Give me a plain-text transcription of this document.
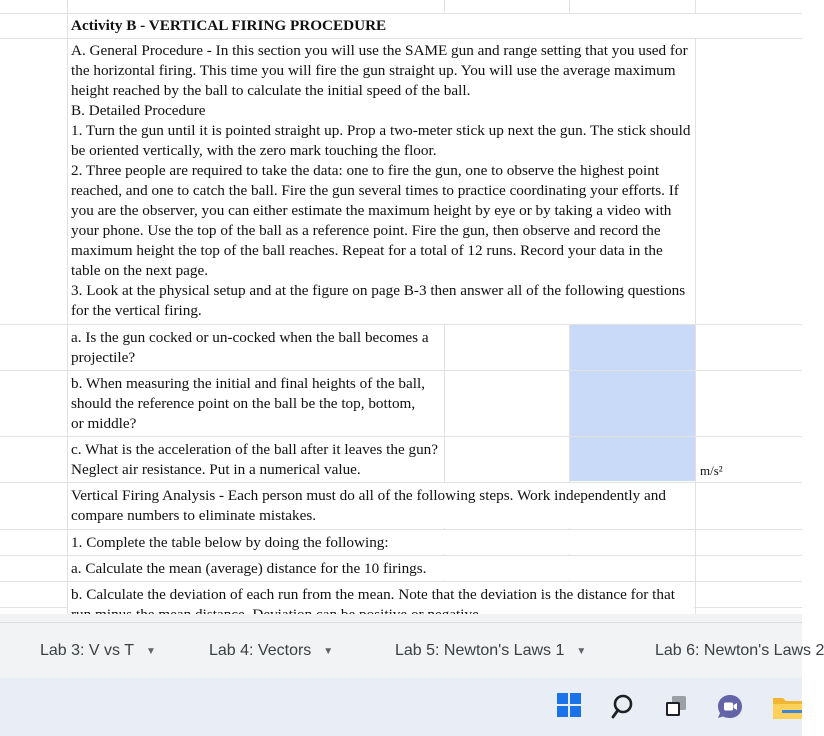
Activity B - VERTICAL FIRING PROCEDURE
A. General Procedure - In this section you will use the SAME gun and range setting that you used for the horizontal firing. This time you will fire the gun straight up. You will use the average maximum height reached by the ball to calculate the initial speed of the ball.
B. Detailed Procedure
1. Turn the gun until it is pointed straight up. Prop a two-meter stick up next the gun. The stick should be oriented vertically, with the zero mark touching the floor.
2. Three people are required to take the data: one to fire the gun, one to observe the highest point reached, and one to catch the ball. Fire the gun several times to practice coordinating your efforts. If you are the observer, you can either estimate the maximum height by eye or by taking a video with your phone. Use the top of the ball as a reference point. Fire the gun, then observe and record the maximum height the top of the ball reaches. Repeat for a total of 12 runs. Record your data in the table on the next page.
3. Look at the physical setup and at the figure on page B-3 then answer all of the following questions for the vertical firing.
a. Is the gun cocked or un-cocked when the ball becomes a projectile?
b. When measuring the initial and final heights of the ball, should the reference point on the ball be the top, bottom, or middle?
c. What is the acceleration of the ball after it leaves the gun? Neglect air resistance. Put in a numerical value.	m/s²
Vertical Firing Analysis - Each person must do all of the following steps. Work independently and compare numbers to eliminate mistakes.
1. Complete the table below by doing the following:
a. Calculate the mean (average) distance for the 10 firings.
b. Calculate the deviation of each run from the mean. Note that the deviation is the distance for that
Lab 3: V vs T ▼	Lab 4: Vectors ▼	Lab 5: Newton's Laws 1 ▼	Lab 6: Newton's Laws 2
